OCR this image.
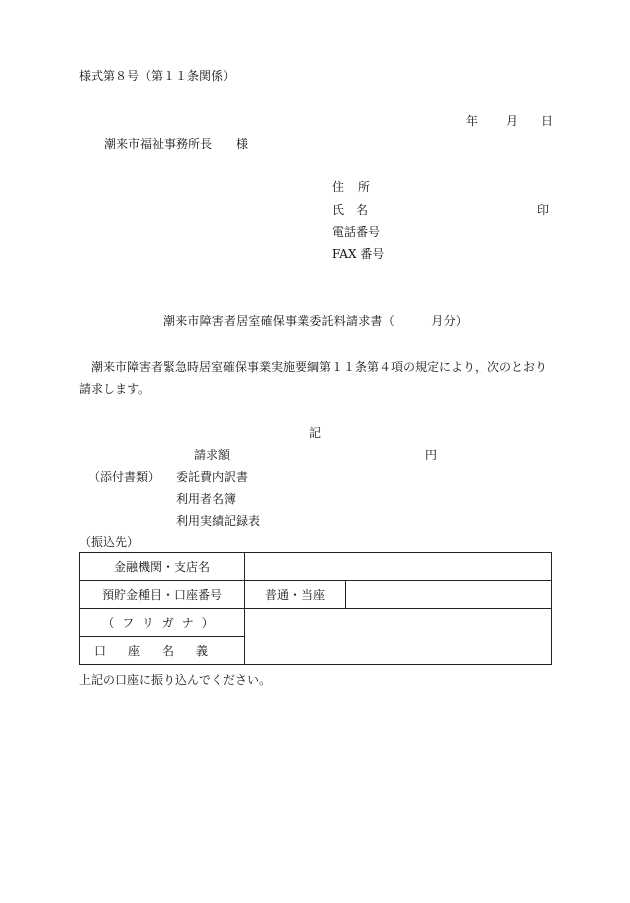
様式第８号（第１１条関係）
年 月 日
潮来市福祉事務所長 様
住　所
氏　名	印
電話番号
FAX 番号
潮来市障害者居室確保事業委託料請求書（　　　月分）
潮来市障害者緊急時居室確保事業実施要綱第１１条第４項の規定により，次のとおり請求します。
記
請求額	円
（添付書類） 委託費内訳書
利用者名簿
利用実績記録表
（振込先）
金融機関・支店名		
預貯金種目・口座番号	普通・当座	
（フリガナ）		
口座名義		
上記の口座に振り込んでください。
